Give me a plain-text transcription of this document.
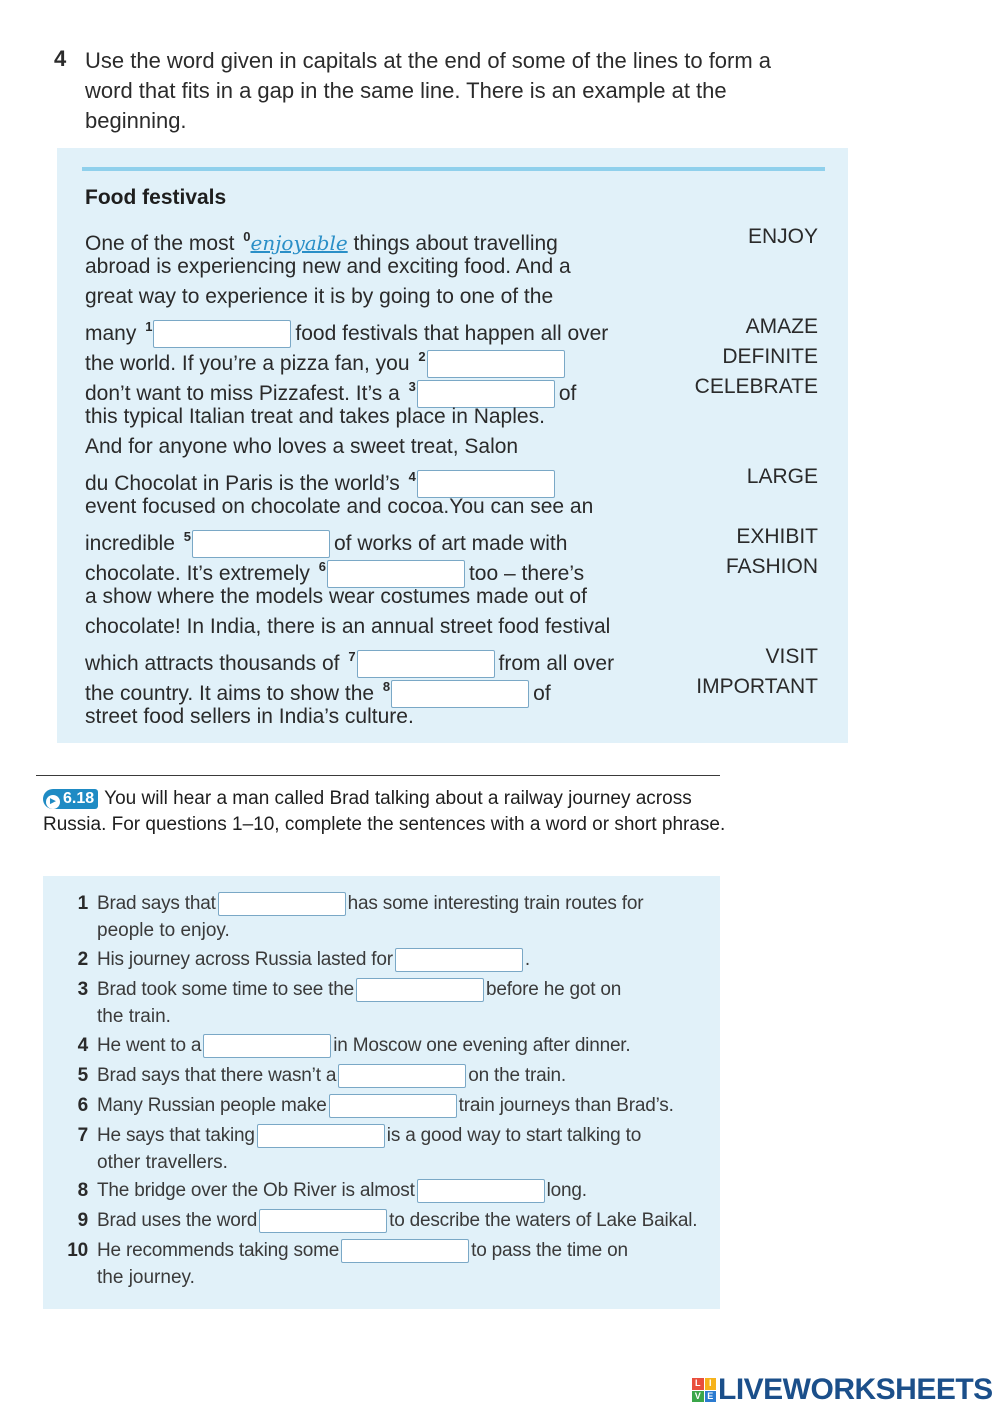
4 Use the word given in capitals at the end of some of the lines to form a word that fits in a gap in the same line. There is an example at the beginning.
Food festivals
One of the most $^0$enjoyable things about travelling	ENJOY
abroad is experiencing new and exciting food. And a
great way to experience it is by going to one of the
many $^1$	food festivals that happen all over	AMAZE
the world. If you’re a pizza fan, you $^2$	DEFINITE
don’t want to miss Pizzafest. It’s a $^3$	of	CELEBRATE
this typical Italian treat and takes place in Naples.
And for anyone who loves a sweet treat, Salon
du Chocolat in Paris is the world’s $^4$	LARGE
event focused on chocolate and cocoa.You can see an
incredible $^5$	of works of art made with	EXHIBIT
chocolate. It’s extremely $^6$	too – there’s	FASHION
a show where the models wear costumes made out of
chocolate! In India, there is an annual street food festival
which attracts thousands of $^7$	from all over	VISIT
the country. It aims to show the $^8$	of	IMPORTANT
street food sellers in India’s culture.
► 6.18 You will hear a man called Brad talking about a railway journey across Russia. For questions 1–10, complete the sentences with a word or short phrase.
1 Brad says that	has some interesting train routes for
people to enjoy.
2 His journey across Russia lasted for	.
3 Brad took some time to see the	before he got on
the train.
4 He went to a	in Moscow one evening after dinner.
5 Brad says that there wasn’t a	on the train.
6 Many Russian people make	train journeys than Brad’s.
7 He says that taking	is a good way to start talking to
other travellers.
8 The bridge over the Ob River is almost	long.
9 Brad uses the word	to describe the waters of Lake Baikal.
10 He recommends taking some	to pass the time on
the journey.
L I
V E LIVEWORKSHEETS
